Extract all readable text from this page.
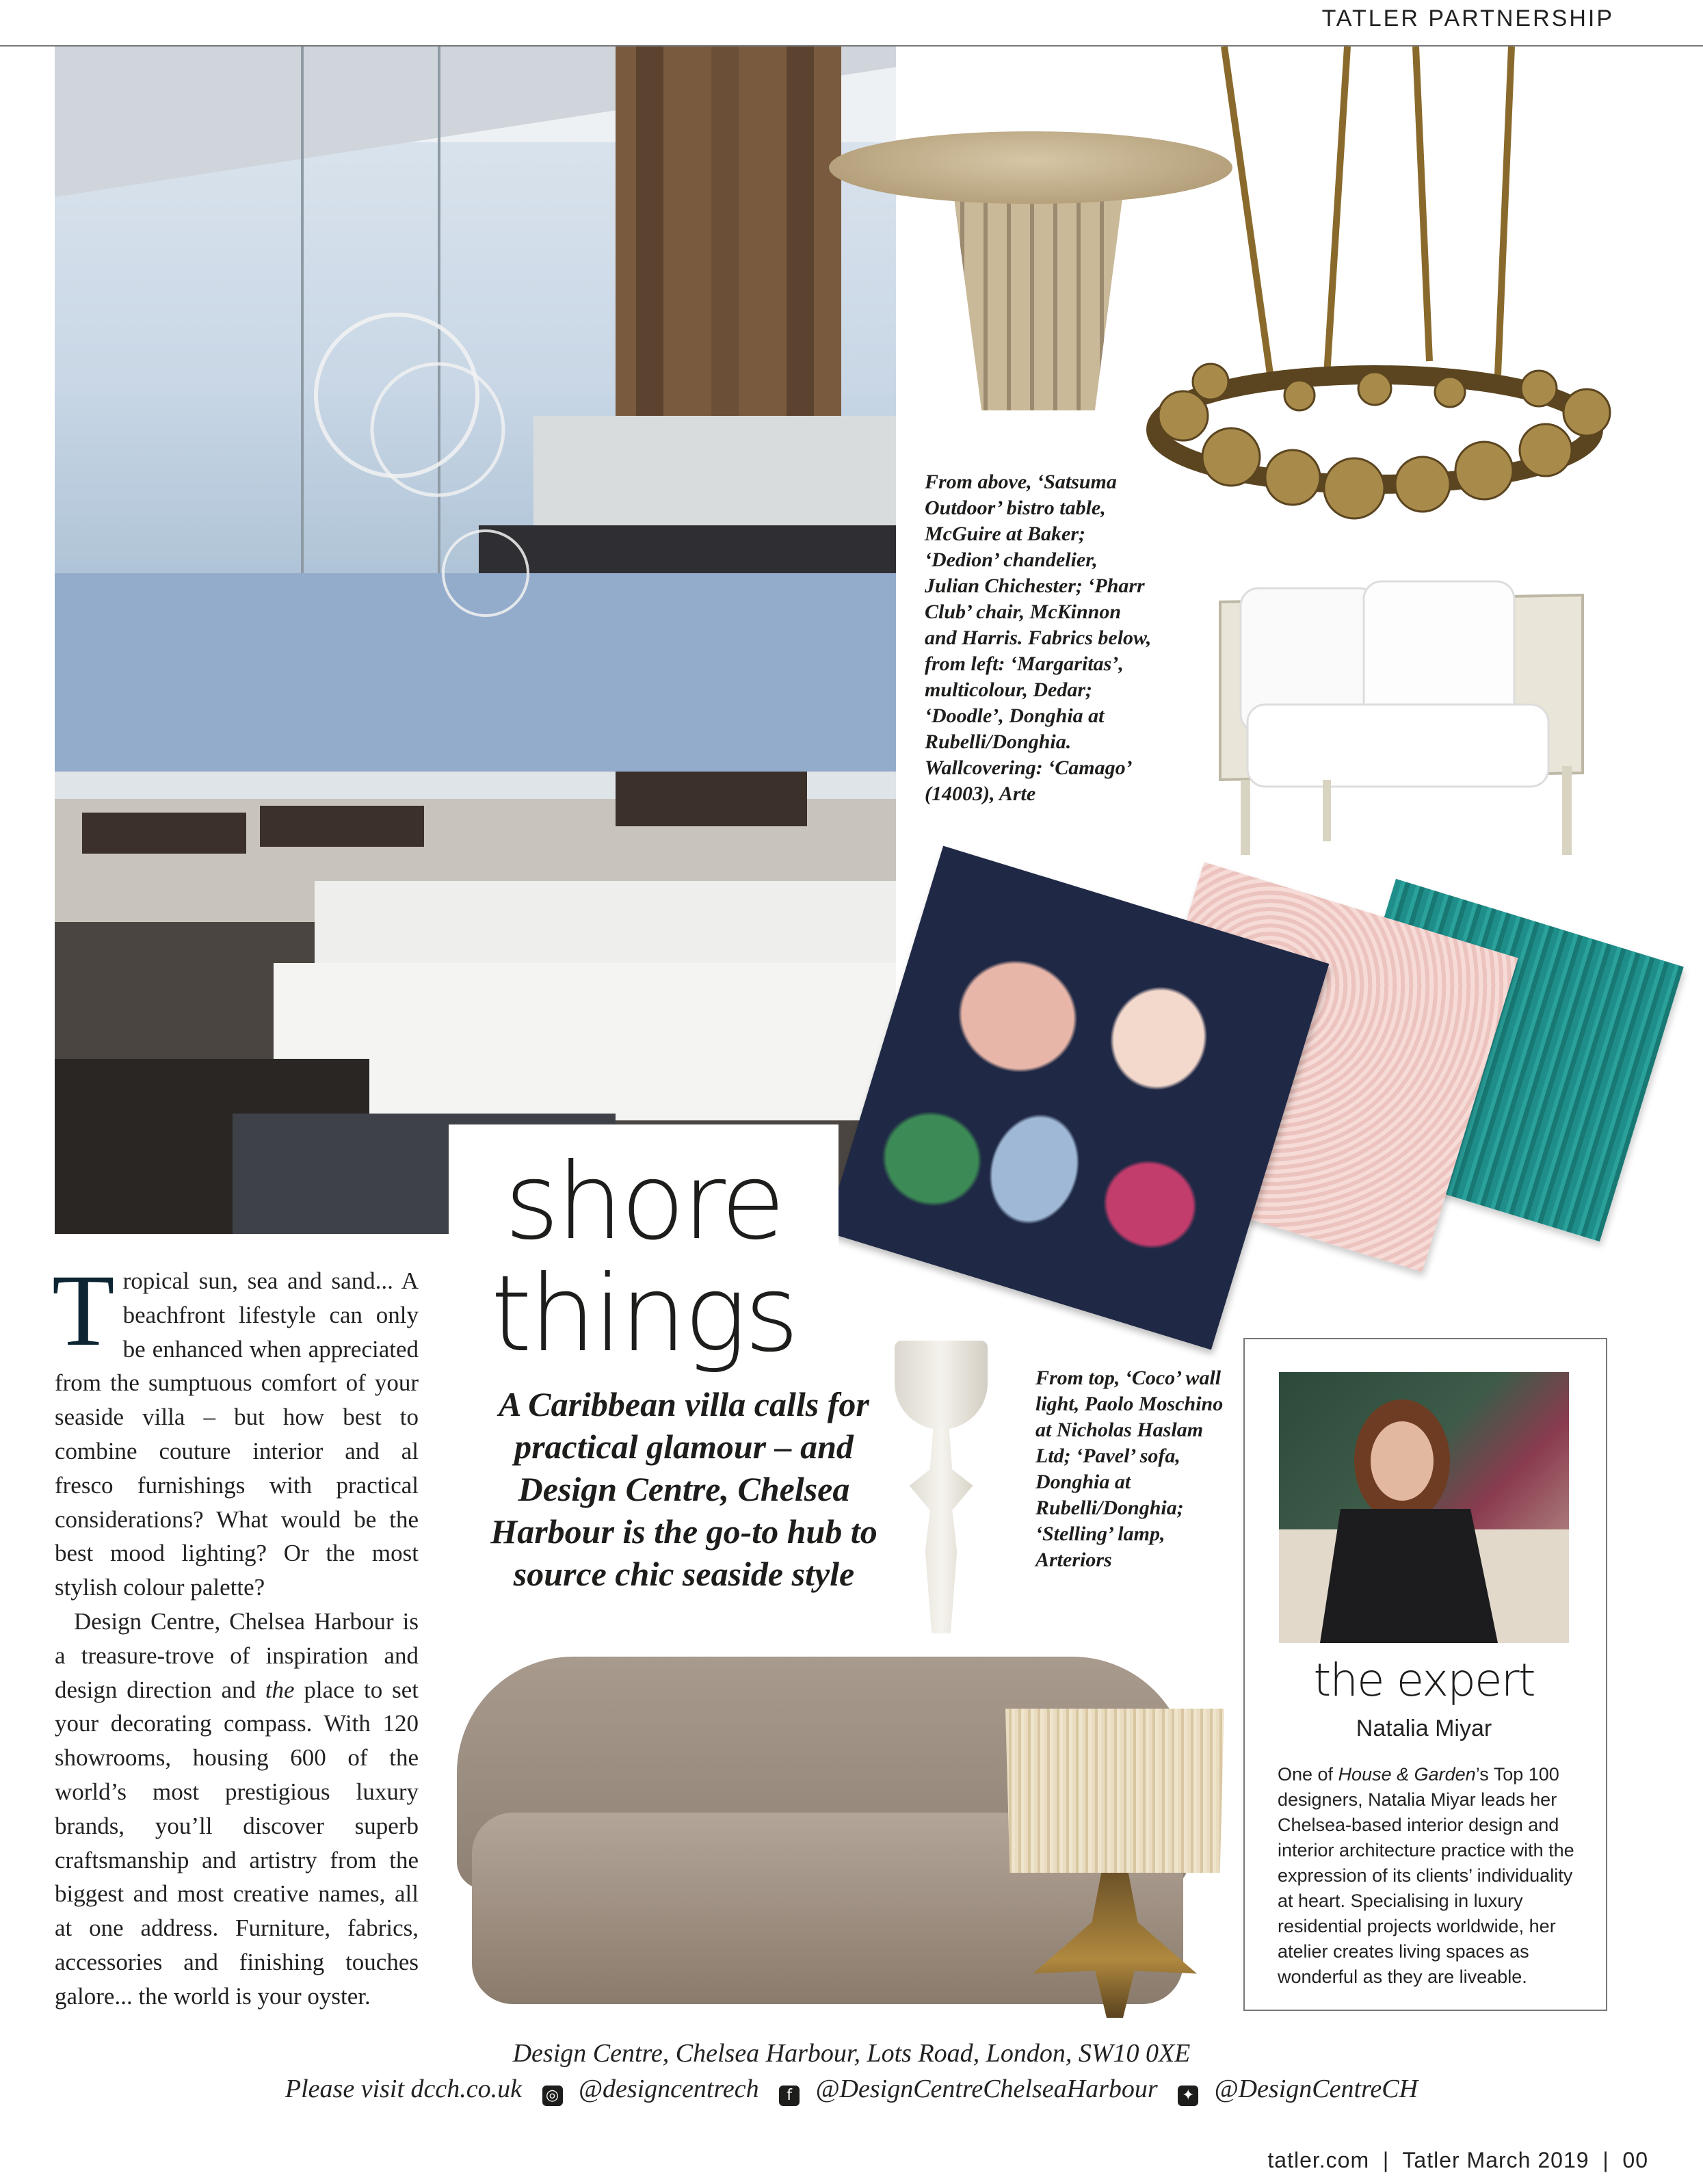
TATLER PARTNERSHIP
From above, ‘Satsuma Outdoor’ bistro table, McGuire at Baker; ‘Dedion’ chandelier, Julian Chichester; ‘Pharr Club’ chair, McKinnon and Harris. Fabrics below, from left: ‘Margaritas’, multicolour, Dedar; ‘Doodle’, Donghia at Rubelli/Donghia. Wallcovering: ‘Camago’ (14003), Arte
shore
things
A Caribbean villa calls for practical glamour – and Design Centre, Chelsea Harbour is the go-to hub to source chic seaside style

Tropical sun, sea and sand... A beachfront lifestyle can only be enhanced when appreciated from the sumptuous comfort of your seaside villa – but how best to combine couture interior and al fresco furnishings with practical considerations? What would be the best mood lighting? Or the most stylish colour palette?

Design Centre, Chelsea Harbour is a treasure-trove of inspiration and design direction and the place to set your decorating compass. With 120 showrooms, housing 600 of the world’s most prestigious luxury brands, you’ll discover superb craftsmanship and artistry from the biggest and most creative names, all at one address. Furniture, fabrics, accessories and finishing touches galore... the world is your oyster.

From top, ‘Coco’ wall light, Paolo Moschino at Nicholas Haslam Ltd; ‘Pavel’ sofa, Donghia at Rubelli/Donghia; ‘Stelling’ lamp, Arteriors
the expert
Natalia Miyar
One of House & Garden’s Top 100 designers, Natalia Miyar leads her Chelsea-based interior design and interior architecture practice with the expression of its clients’ individuality at heart. Specialising in luxury residential projects worldwide, her atelier creates living spaces as wonderful as they are liveable.
Design Centre, Chelsea Harbour, Lots Road, London, SW10 0XE
Please visit dcch.co.uk ◎ @designcentrech f @DesignCentreChelseaHarbour ✦ @DesignCentreCH
tatler.com  |  Tatler March 2019  |  00
